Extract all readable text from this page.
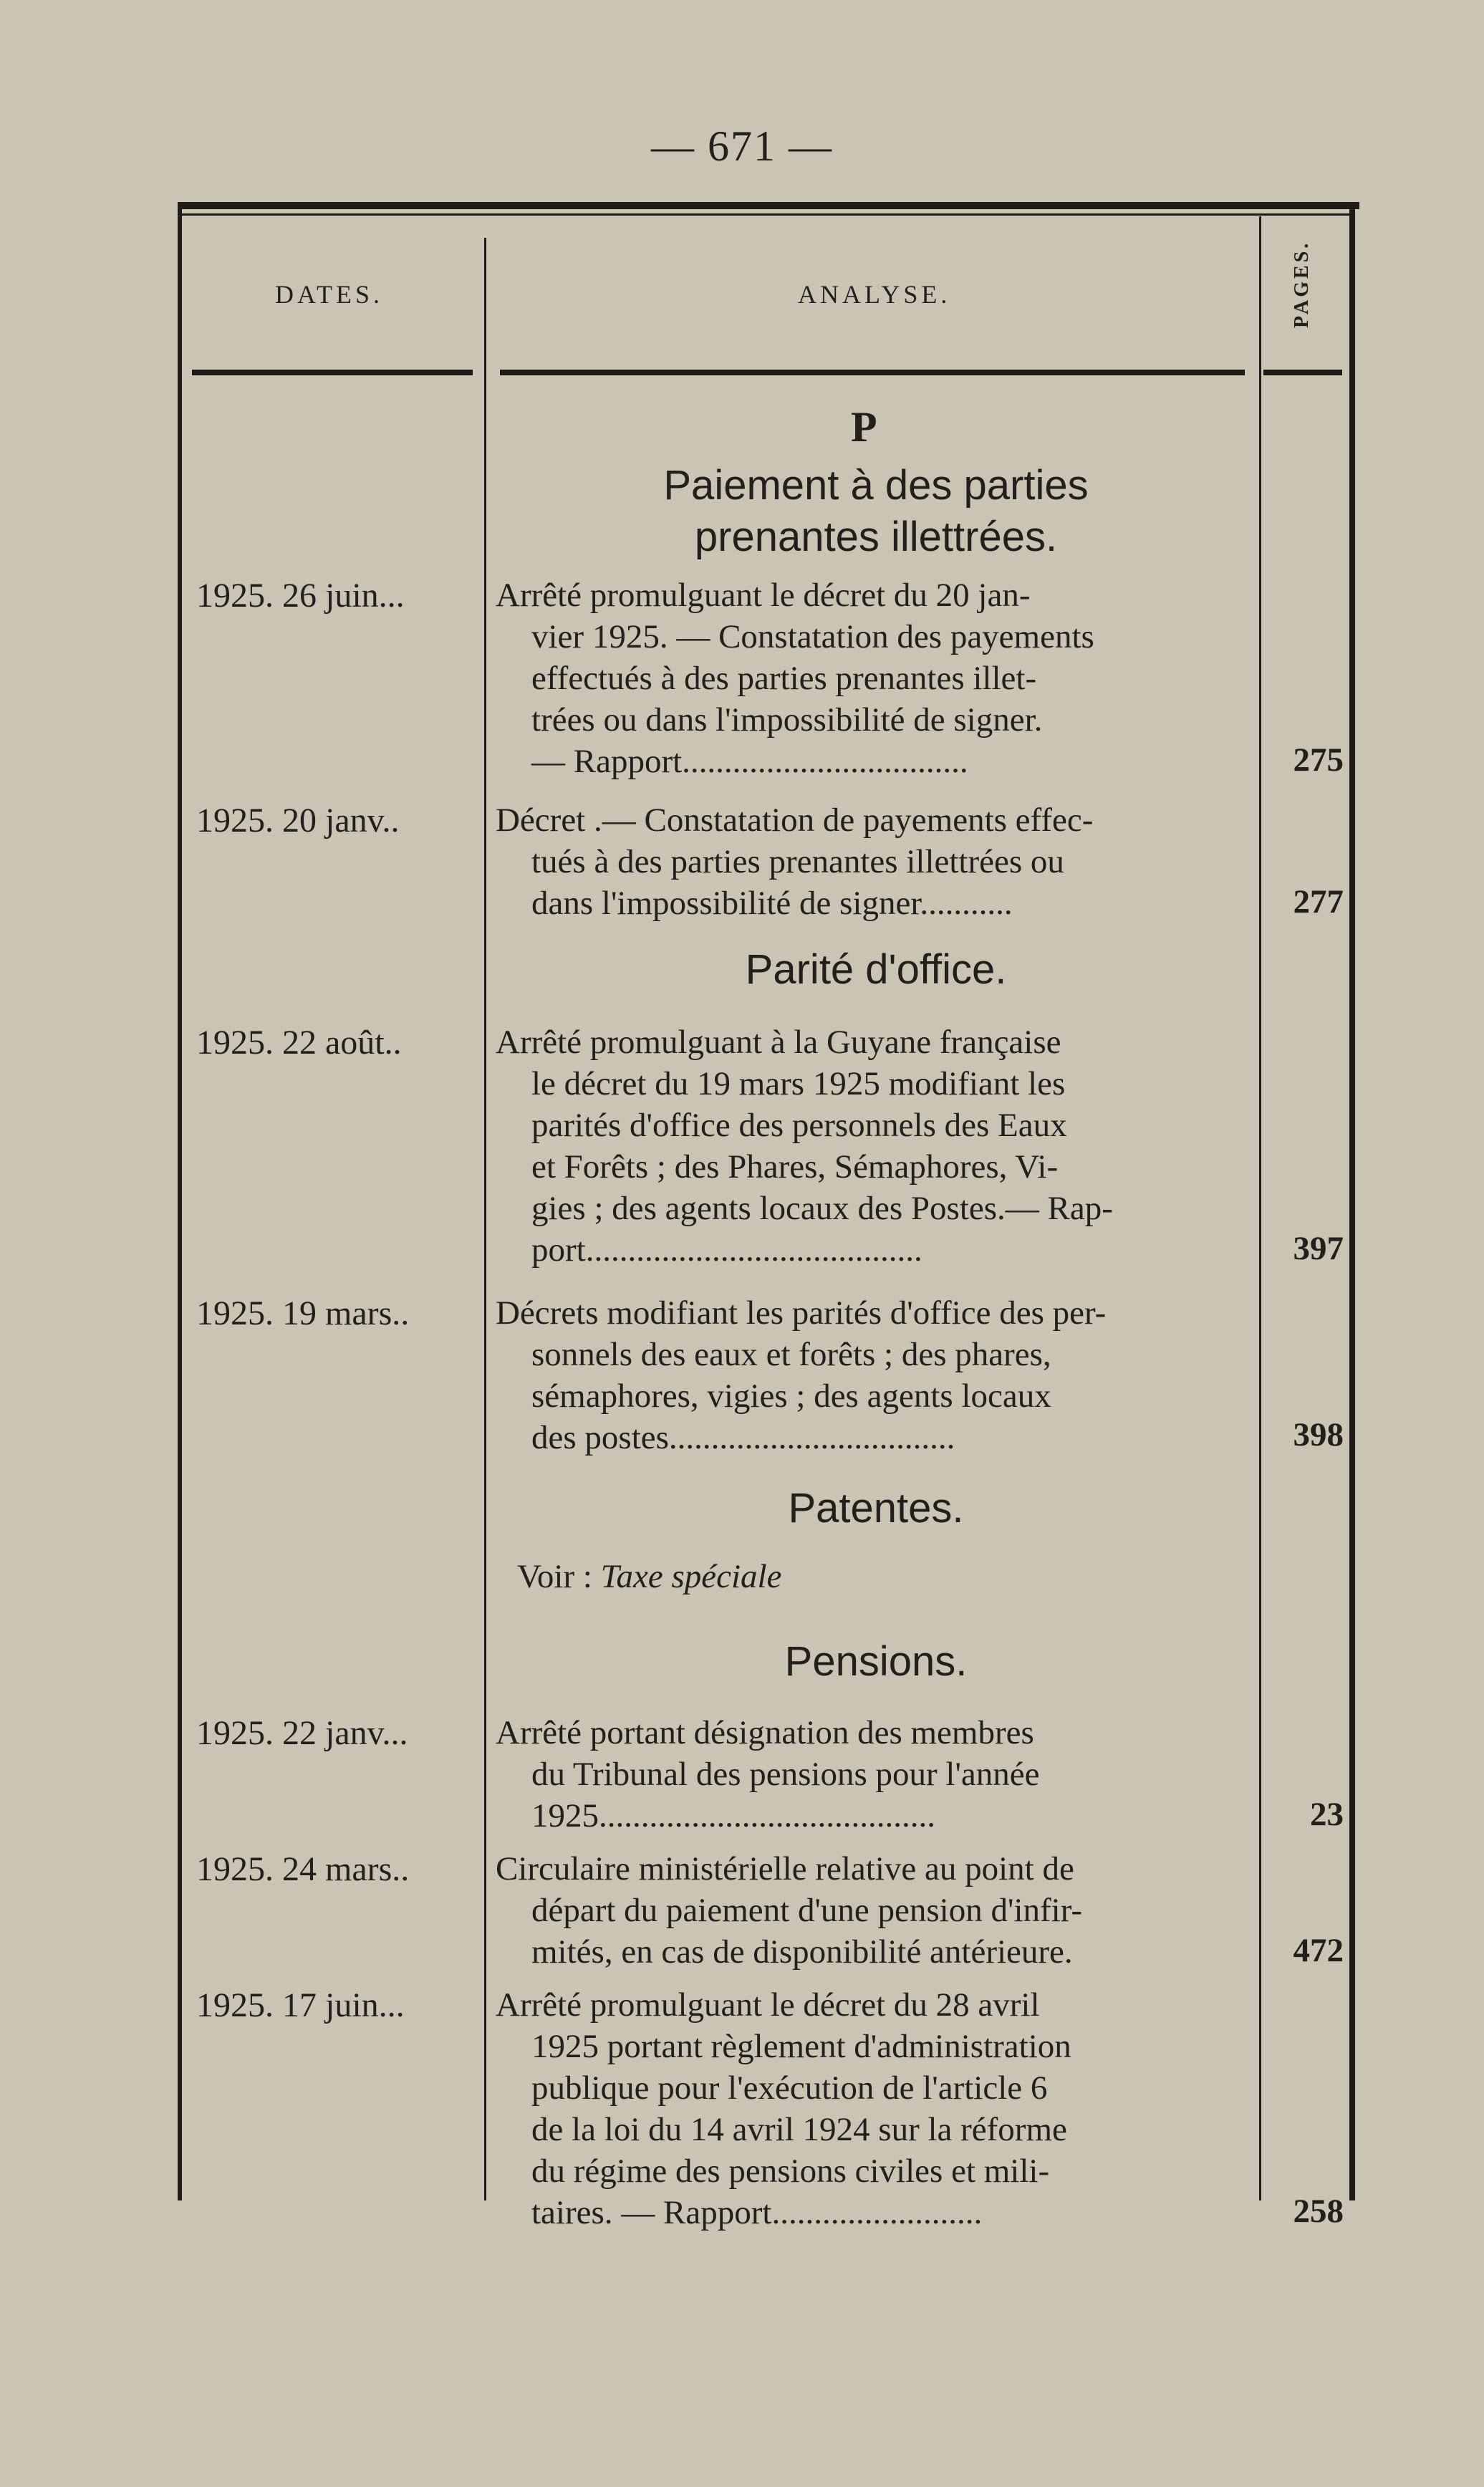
— 671 —
DATES.	ANALYSE.	PAGES.
P
Paiement à des parties
prenantes illettrées.
1925. 26 juin...	Arrêté promulguant le décret du 20 jan-
vier 1925. — Constatation des payements
effectués à des parties prenantes illet-
trées ou dans l'impossibilité de signer.
— Rapport..................................	275
1925. 20 janv..	Décret .— Constatation de payements effec-
tués à des parties prenantes illettrées ou
dans l'impossibilité de signer...........	277
Parité d'office.
1925. 22 août..	Arrêté promulguant à la Guyane française
le décret du 19 mars 1925 modifiant les
parités d'office des personnels des Eaux
et Forêts ; des Phares, Sémaphores, Vi-
gies ; des agents locaux des Postes.— Rap-
port........................................	397
1925. 19 mars..	Décrets modifiant les parités d'office des per-
sonnels des eaux et forêts ; des phares,
sémaphores, vigies ; des agents locaux
des postes..................................	398
Patentes.
Voir : Taxe spéciale
Pensions.
1925. 22 janv...	Arrêté portant désignation des membres
du Tribunal des pensions pour l'année
1925........................................	23
1925. 24 mars..	Circulaire ministérielle relative au point de
départ du paiement d'une pension d'infir-
mités, en cas de disponibilité antérieure.	472
1925. 17 juin...	Arrêté promulguant le décret du 28 avril
1925 portant règlement d'administration
publique pour l'exécution de l'article 6
de la loi du 14 avril 1924 sur la réforme
du régime des pensions civiles et mili-
taires. — Rapport.........................	258
